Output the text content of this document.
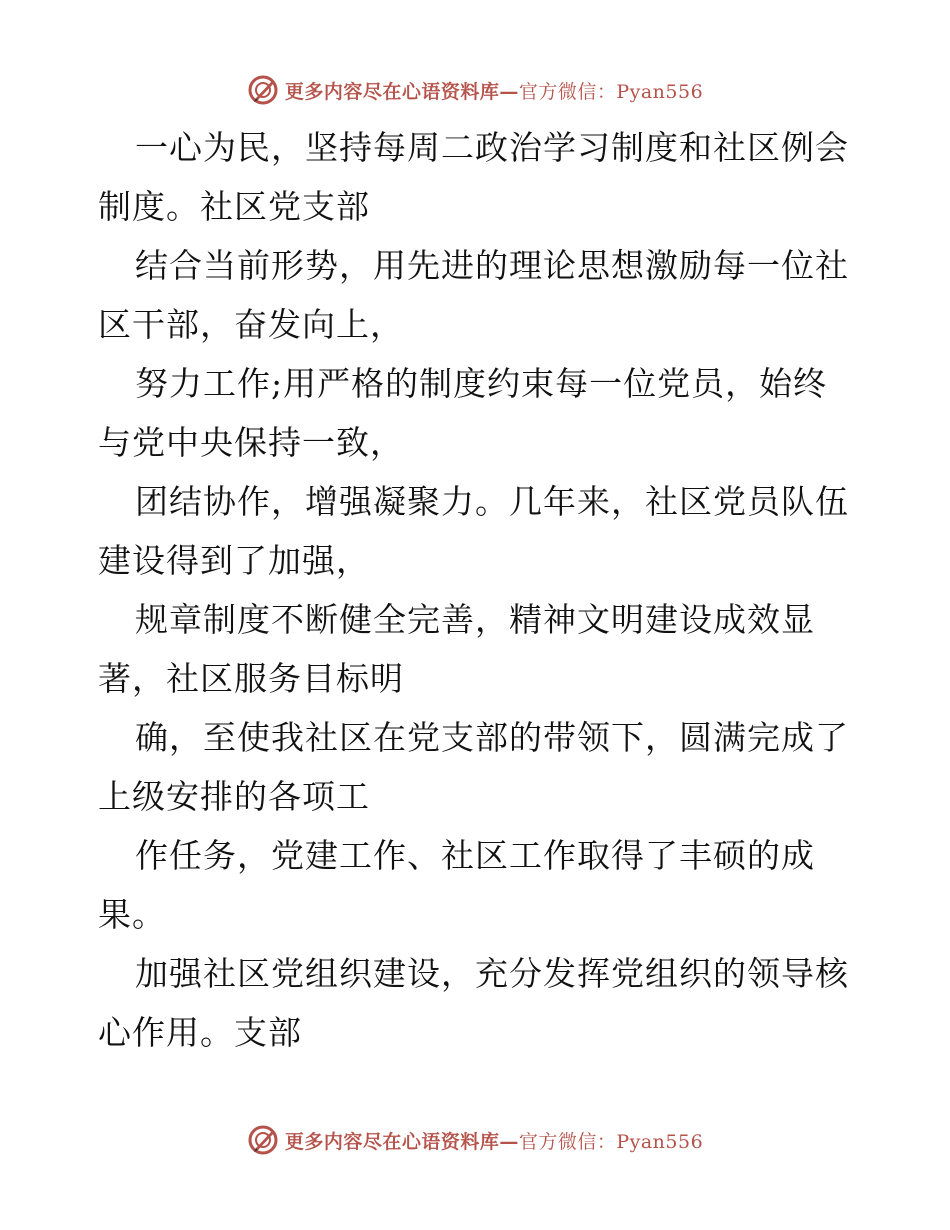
更多内容尽在心语资料库—官方微信：Pyan556
一心为民，坚持每周二政治学习制度和社区例会
制度。社区党支部
结合当前形势，用先进的理论思想激励每一位社
区干部，奋发向上，
努力工作;用严格的制度约束每一位党员，始终
与党中央保持一致，
团结协作，增强凝聚力。几年来，社区党员队伍
建设得到了加强，
规章制度不断健全完善，精神文明建设成效显
著，社区服务目标明
确，至使我社区在党支部的带领下，圆满完成了
上级安排的各项工
作任务，党建工作、社区工作取得了丰硕的成
果。
加强社区党组织建设，充分发挥党组织的领导核
心作用。支部
更多内容尽在心语资料库—官方微信：Pyan556
